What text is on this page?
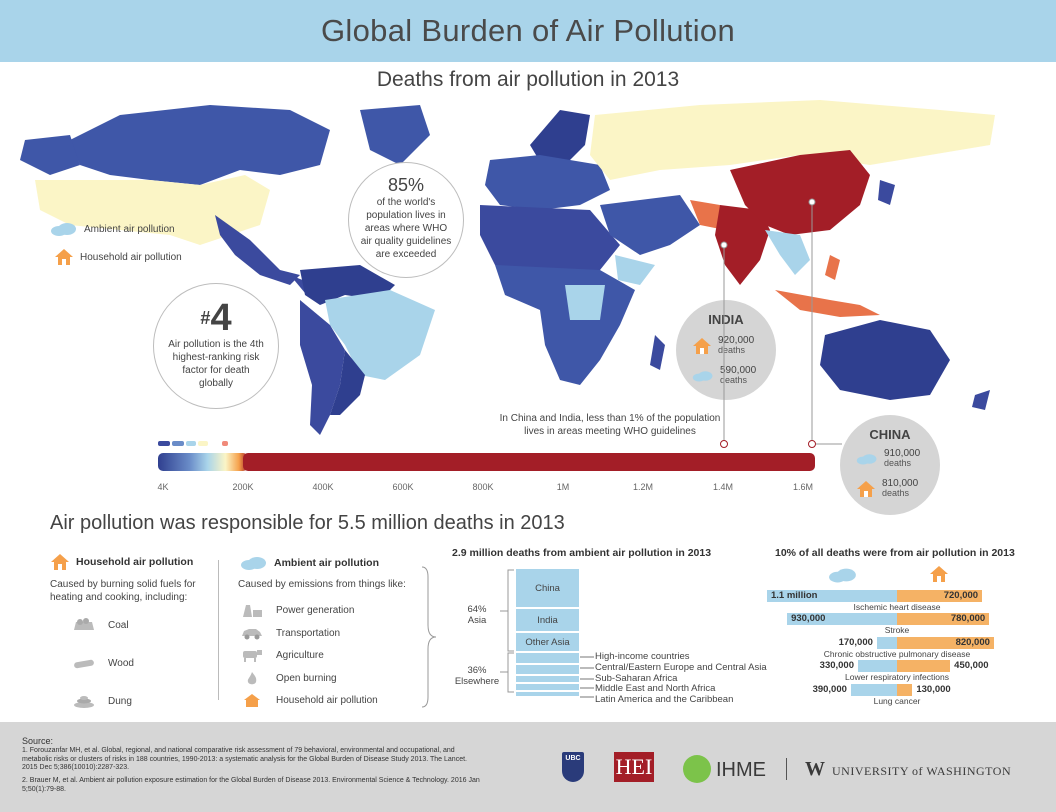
Global Burden of Air Pollution
Deaths from air pollution in 2013
Ambient air pollution
Household air pollution
85%
of the world's population lives in areas where WHO air quality guidelines are exceeded
#4
Air pollution is the 4th highest-ranking risk factor for death globally
INDIA
920,000
deaths
590,000
deaths
CHINA
910,000
deaths
810,000
deaths
In China and India, less than 1% of the population lives in areas meeting WHO guidelines
4K	200K	400K	600K	800K	1M	1.2M	1.4M	1.6M
Air pollution was responsible for 5.5 million deaths in 2013
Household air pollution
Caused by burning solid fuels for heating and cooking, including:
Coal
Wood
Dung
Ambient air pollution
Caused by emissions from things like:
Power generation
Transportation
Agriculture
Open burning
Household air pollution
2.9 million deaths from ambient air pollution in 2013
64%
Asia
36%
Elsewhere
China
India
Other Asia
High-income countries
Central/Eastern Europe and Central Asia
Sub-Saharan Africa
Middle East and North Africa
Latin America and the Caribbean
10% of all deaths were from air pollution in 2013
1.1 million	720,000
Ischemic heart disease
930,000	780,000
Stroke
170,000	820,000
Chronic obstructive pulmonary disease
330,000	450,000
Lower respiratory infections
390,000	130,000
Lung cancer
Source:
1. Forouzanfar MH, et al. Global, regional, and national comparative risk assessment of 79 behavioral, environmental and occupational, and metabolic risks or clusters of risks in 188 countries, 1990-2013: a systematic analysis for the Global Burden of Disease Study 2013. The Lancet. 2015 Dec 5;386(10010):2287-323.
2. Brauer M, et al. Ambient air pollution exposure estimation for the Global Burden of Disease 2013. Environmental Science & Technology. 2016 Jan 5;50(1):79-88.
UBC HEI	IHME W UNIVERSITY of WASHINGTON
